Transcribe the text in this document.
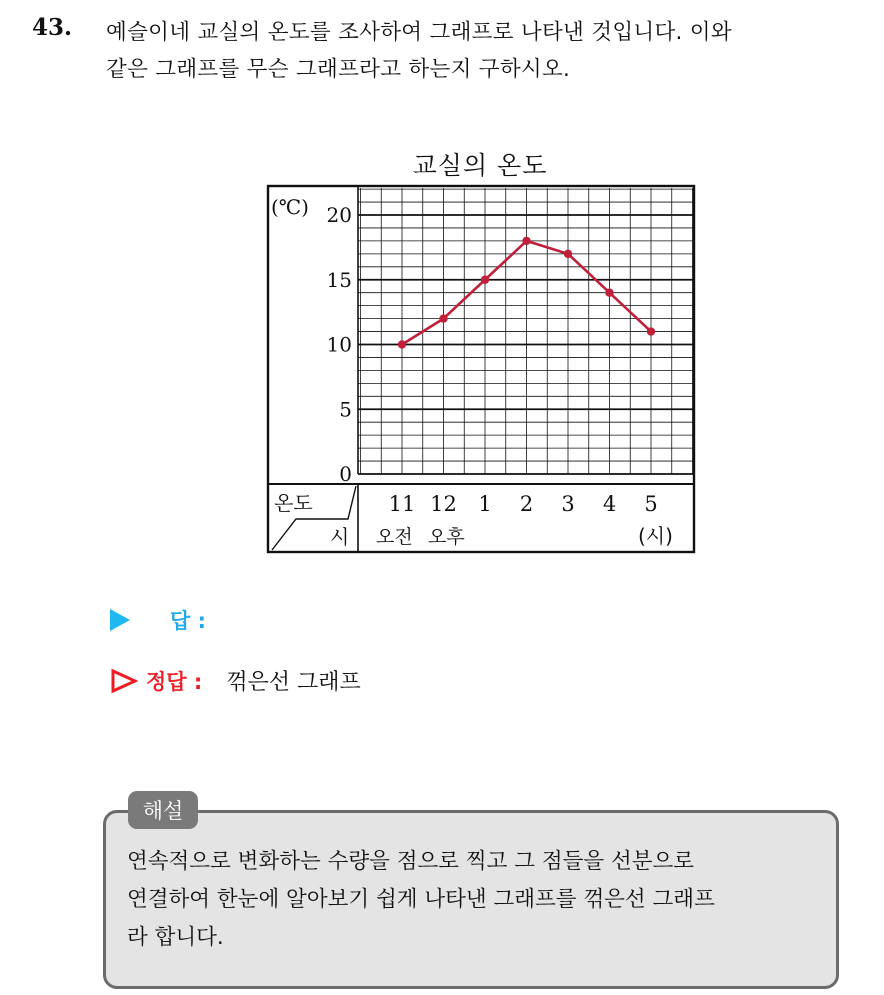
43. 예슬이네 교실의 온도를 조사하여 그래프로 나타낸 것입니다. 이와
같은 그래프를 무슨 그래프라고 하는지 구하시오.
교실의 온도
(℃)
0
5
10
15
20
11 12 1 2 3 4 5
온도
시 오전 오후	(시)
답 :
정답 : 꺾은선 그래프
해설
연속적으로 변화하는 수량을 점으로 찍고 그 점들을 선분으로
연결하여 한눈에 알아보기 쉽게 나타낸 그래프를 꺾은선 그래프
라 합니다.
